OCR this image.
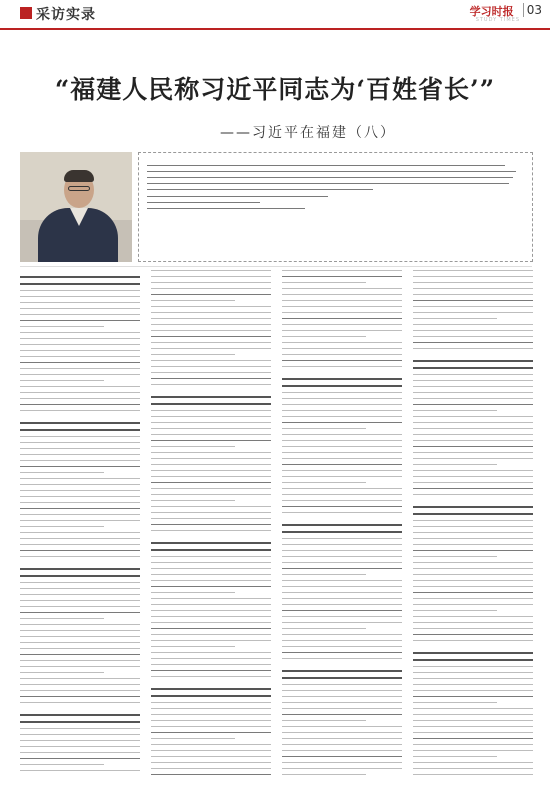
采访实录	学习时报 03
STUDY TIMES
“福建人民称习近平同志为‘百姓省长’”
——习近平在福建（八）
